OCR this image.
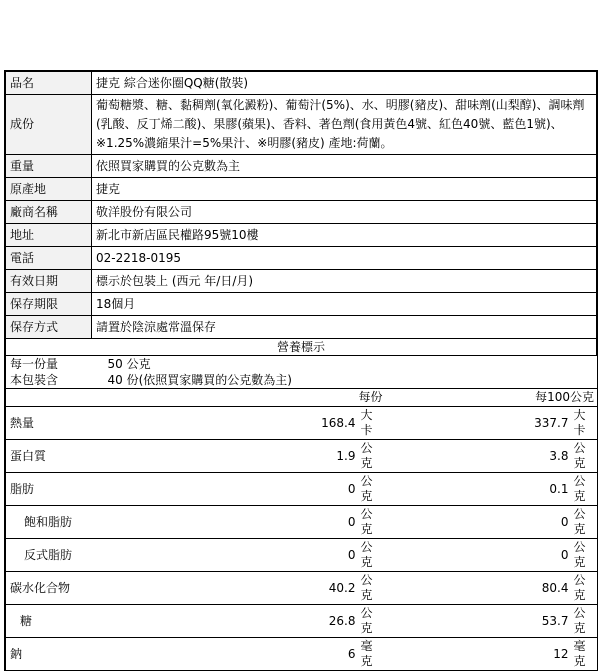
品名	捷克 綜合迷你圈QQ糖(散裝)
成份	葡萄糖漿、糖、黏稠劑(氧化澱粉)、葡萄汁(5%)、水、明膠(豬皮)、甜味劑(山梨醇)、調味劑(乳酸、反丁烯二酸)、果膠(蘋果)、香料、著色劑(食用黃色4號、紅色40號、藍色1號)、※1.25%濃縮果汁=5%果汁、※明膠(豬皮) 產地:荷蘭。
重量	依照買家購買的公克數為主
原產地	捷克
廠商名稱	敬洋股份有限公司
地址	新北市新店區民權路95號10樓
電話	02-2218-0195
有效日期	標示於包裝上 (西元 年/日/月)
保存期限	18個月
保存方式	請置於陰涼處常溫保存
營養標示
每一份量	50 公克			
本包裝含	40 份(依照買家購買的公克數為主)			
	每份		每100公克	
熱量	168.4	大卡	337.7	大卡
蛋白質	1.9	公克	3.8	公克
脂肪	0	公克	0.1	公克
飽和脂肪	0	公克	0	公克
反式脂肪	0	公克	0	公克
碳水化合物	40.2	公克	80.4	公克
糖	26.8	公克	53.7	公克
鈉	6	毫克	12	毫克
